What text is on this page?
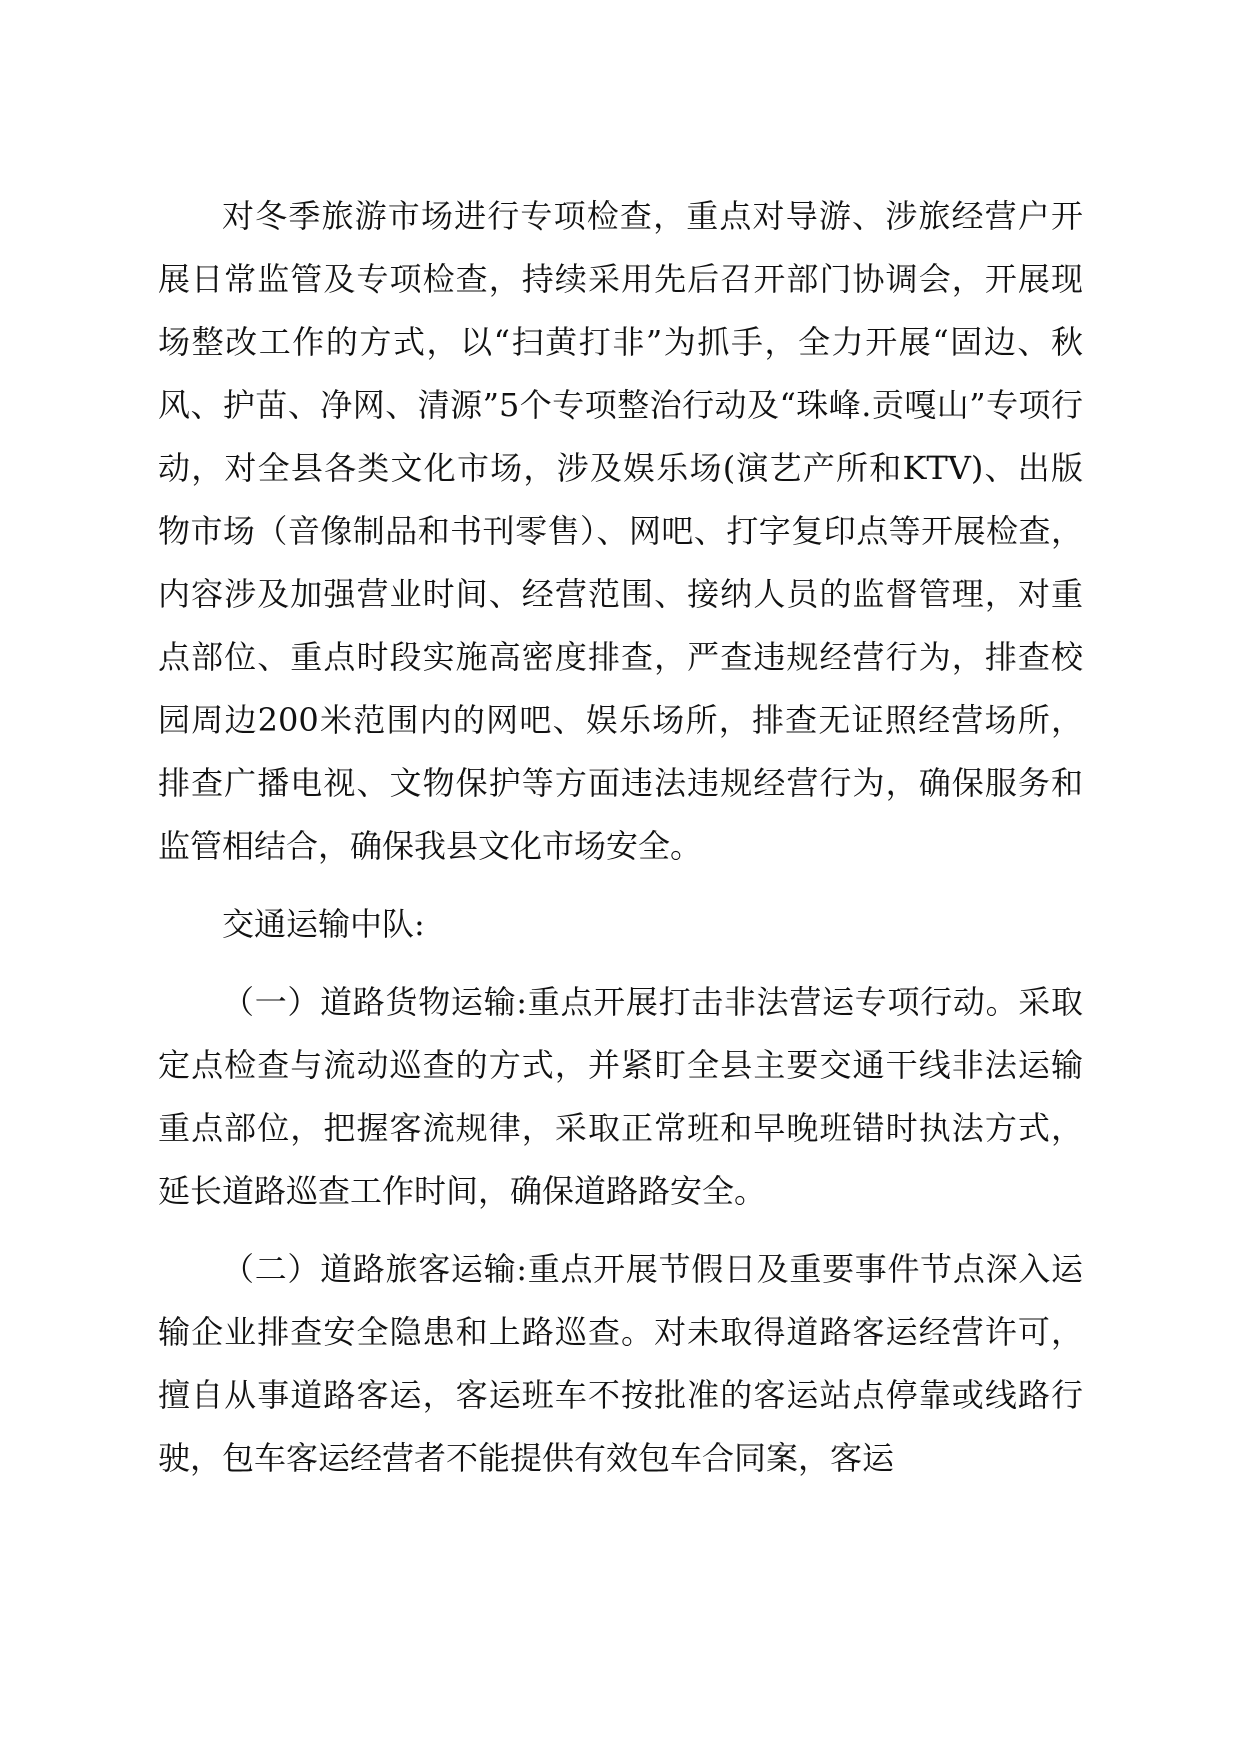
对冬季旅游市场进行专项检查，重点对导游、涉旅经营户开展日常监管及专项检查，持续采用先后召开部门协调会，开展现场整改工作的方式，以“扫黄打非”为抓手，全力开展“固边、秋风、护苗、净网、清源”5个专项整治行动及“珠峰.贡嘎山”专项行动，对全县各类文化市场，涉及娱乐场(演艺产所和KTV)、出版物市场（音像制品和书刊零售）、网吧、打字复印点等开展检查，内容涉及加强营业时间、经营范围、接纳人员的监督管理，对重点部位、重点时段实施高密度排查，严查违规经营行为，排查校园周边200米范围内的网吧、娱乐场所，排查无证照经营场所，排查广播电视、文物保护等方面违法违规经营行为，确保服务和监管相结合，确保我县文化市场安全。

交通运输中队:

（一）道路货物运输:重点开展打击非法营运专项行动。采取定点检查与流动巡查的方式，并紧盯全县主要交通干线非法运输重点部位，把握客流规律，采取正常班和早晚班错时执法方式，延长道路巡查工作时间，确保道路路安全。

（二）道路旅客运输:重点开展节假日及重要事件节点深入运输企业排查安全隐患和上路巡查。对未取得道路客运经营许可，擅自从事道路客运，客运班车不按批准的客运站点停靠或线路行驶，包车客运经营者不能提供有效包车合同案，客运
